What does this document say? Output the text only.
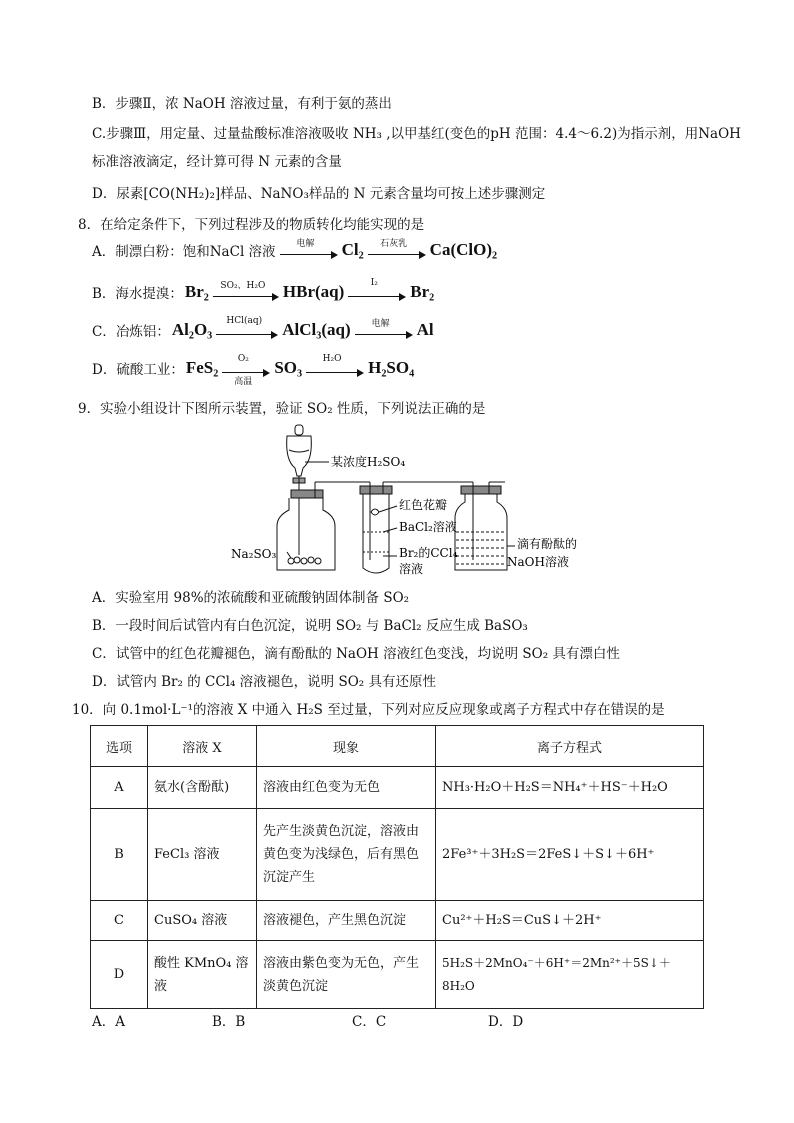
B．步骤Ⅱ，浓 NaOH 溶液过量，有利于氨的蒸出
C.步骤Ⅲ，用定量、过量盐酸标准溶液吸收 NH₃ ,以甲基红(变色的pH 范围：4.4～6.2)为指示剂，用NaOH
标准溶液滴定，经计算可得 N 元素的含量
D．尿素[CO(NH₂)₂]样品、NaNO₃样品的 N 元素含量均可按上述步骤测定
8．在给定条件下，下列过程涉及的物质转化均能实现的是
A．制漂白粉：饱和NaCl 溶液	电解	Cl₂	石灰乳	Ca(ClO)₂
B．海水提溴： Br₂	SO₂、H₂O	HBr(aq)	I₂	Br₂
C．冶炼铝： Al₂O₃	HCl(aq)	AlCl₃(aq)	电解	Al
D．硫酸工业： FeS₂	O₂
高温
SO₃	H₂O	H₂SO₄
9．实验小组设计下图所示装置，验证 SO₂ 性质，下列说法正确的是
某浓度H₂SO₄
红色花瓣
BaCl₂溶液
Br₂的CCl₄
溶液
Na₂SO₃
滴有酚酞的
NaOH溶液
A．实验室用 98%的浓硫酸和亚硫酸钠固体制备 SO₂
B．一段时间后试管内有白色沉淀，说明 SO₂ 与 BaCl₂ 反应生成 BaSO₃
C．试管中的红色花瓣褪色，滴有酚酞的 NaOH 溶液红色变浅，均说明 SO₂ 具有漂白性
D．试管内 Br₂ 的 CCl₄ 溶液褪色，说明 SO₂ 具有还原性
10．向 0.1mol·L⁻¹的溶液 X 中通入 H₂S 至过量，下列对应反应现象或离子方程式中存在错误的是
选项	溶液 X	现象	离子方程式
A	氨水(含酚酞)	溶液由红色变为无色	NH₃·H₂O＋H₂S＝NH₄⁺＋HS⁻＋H₂O
B	FeCl₃ 溶液	先产生淡黄色沉淀，溶液由黄色变为浅绿色，后有黑色沉淀产生	2Fe³⁺＋3H₂S＝2FeS↓＋S↓＋6H⁺
C	CuSO₄ 溶液	溶液褪色，产生黑色沉淀	Cu²⁺＋H₂S＝CuS↓＋2H⁺
D	酸性 KMnO₄ 溶液	溶液由紫色变为无色，产生淡黄色沉淀	5H₂S＋2MnO₄⁻＋6H⁺＝2Mn²⁺＋5S↓＋8H₂O
A．A	B．B	C．C	D．D
